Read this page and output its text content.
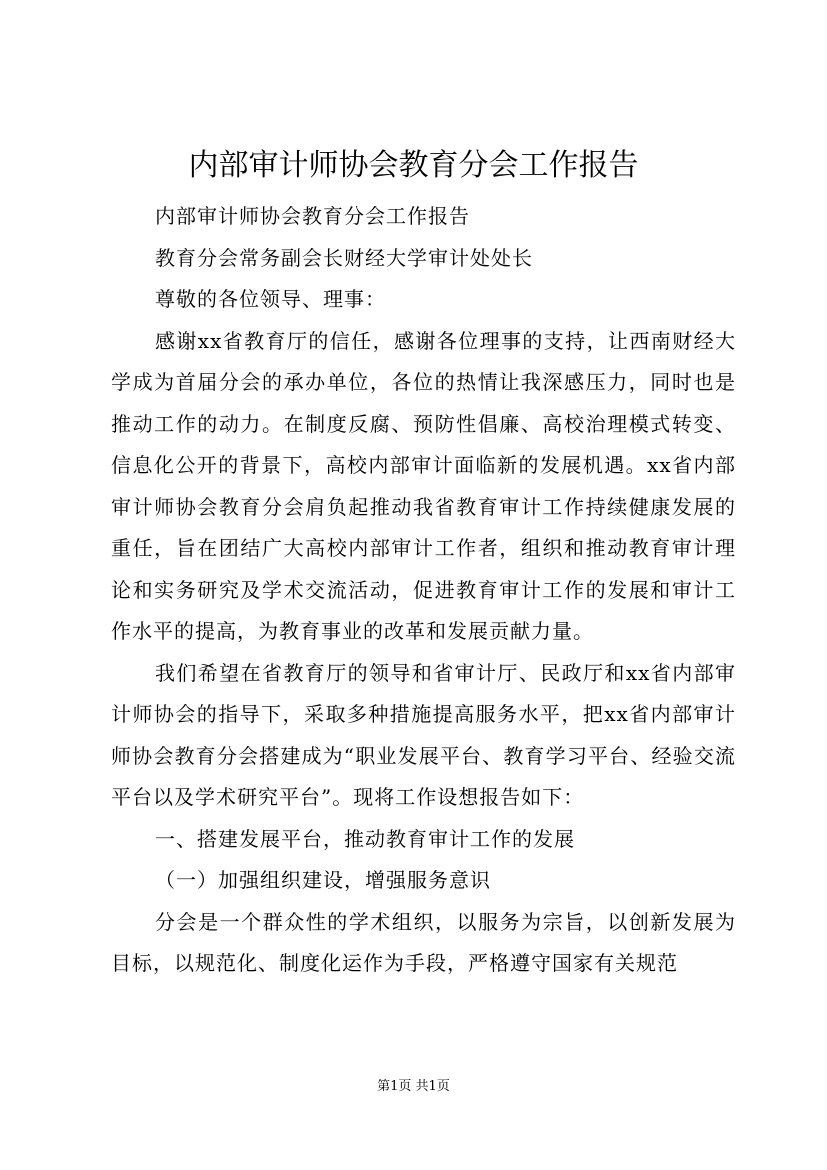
内部审计师协会教育分会工作报告

内部审计师协会教育分会工作报告

教育分会常务副会长财经大学审计处处长

尊敬的各位领导、理事：

感谢xx省教育厅的信任，感谢各位理事的支持，让西南财经大学成为首届分会的承办单位，各位的热情让我深感压力，同时也是推动工作的动力。在制度反腐、预防性倡廉、高校治理模式转变、信息化公开的背景下，高校内部审计面临新的发展机遇。xx省内部审计师协会教育分会肩负起推动我省教育审计工作持续健康发展的重任，旨在团结广大高校内部审计工作者，组织和推动教育审计理论和实务研究及学术交流活动，促进教育审计工作的发展和审计工作水平的提高，为教育事业的改革和发展贡献力量。

我们希望在省教育厅的领导和省审计厅、民政厅和xx省内部审计师协会的指导下，采取多种措施提高服务水平，把xx省内部审计师协会教育分会搭建成为“职业发展平台、教育学习平台、经验交流平台以及学术研究平台”。现将工作设想报告如下：

一、搭建发展平台，推动教育审计工作的发展

（一）加强组织建设，增强服务意识

分会是一个群众性的学术组织，以服务为宗旨，以创新发展为目标，以规范化、制度化运作为手段，严格遵守国家有关规范

第1页 共1页
